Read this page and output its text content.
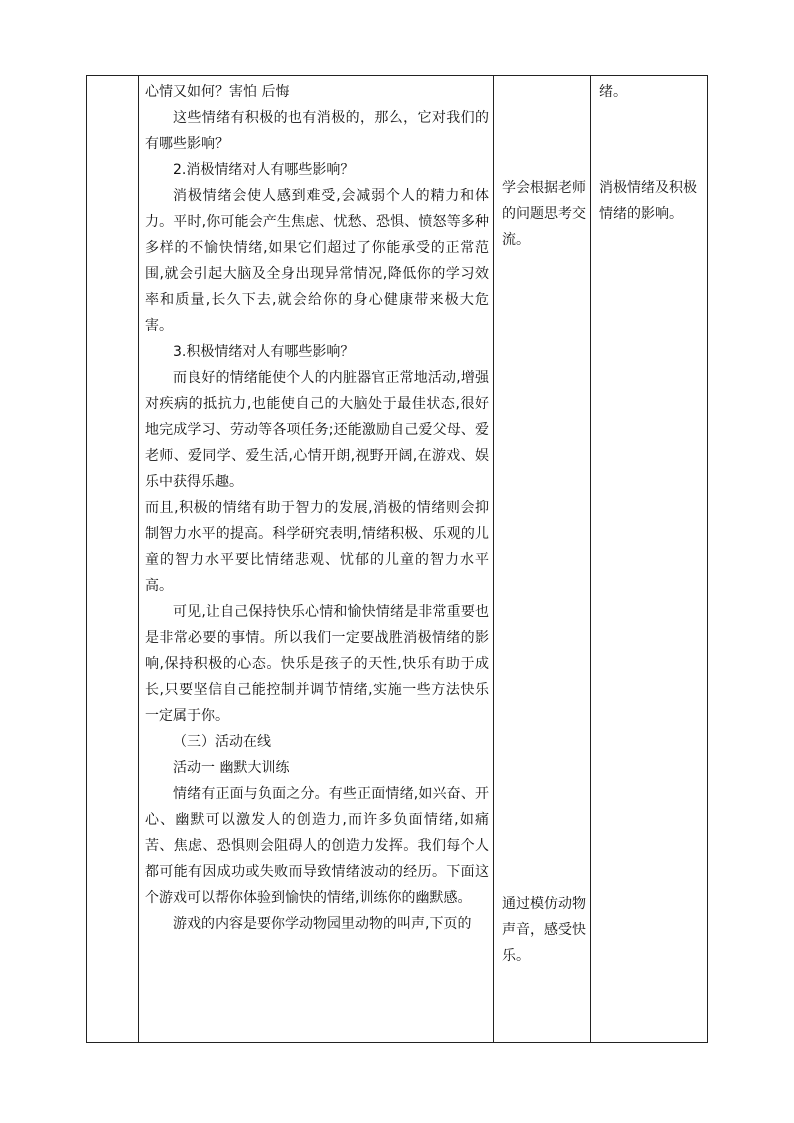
心情又如何？害怕 后悔

这些情绪有积极的也有消极的，那么，它对我们的有哪些影响？

2.消极情绪对人有哪些影响？

消极情绪会使人感到难受,会减弱个人的精力和体力。平时,你可能会产生焦虑、忧愁、恐惧、愤怒等多种多样的不愉快情绪,如果它们超过了你能承受的正常范围,就会引起大脑及全身出现异常情况,降低你的学习效率和质量,长久下去,就会给你的身心健康带来极大危害。

3.积极情绪对人有哪些影响？

而良好的情绪能使个人的内脏器官正常地活动,增强对疾病的抵抗力,也能使自己的大脑处于最佳状态,很好地完成学习、劳动等各项任务;还能激励自己爱父母、爱老师、爱同学、爱生活,心情开朗,视野开阔,在游戏、娱乐中获得乐趣。

而且,积极的情绪有助于智力的发展,消极的情绪则会抑制智力水平的提高。科学研究表明,情绪积极、乐观的儿童的智力水平要比情绪悲观、忧郁的儿童的智力水平高。

可见,让自己保持快乐心情和愉快情绪是非常重要也是非常必要的事情。所以我们一定要战胜消极情绪的影响,保持积极的心态。快乐是孩子的天性,快乐有助于成长,只要坚信自己能控制并调节情绪,实施一些方法快乐一定属于你。

（三）活动在线

活动一 幽默大训练

情绪有正面与负面之分。有些正面情绪,如兴奋、开心、幽默可以激发人的创造力,而许多负面情绪,如痛苦、焦虑、恐惧则会阻碍人的创造力发挥。我们每个人都可能有因成功或失败而导致情绪波动的经历。下面这个游戏可以帮你体验到愉快的情绪,训练你的幽默感。

游戏的内容是要你学动物园里动物的叫声,下页的

学会根据老师的问题思考交流。

通过模仿动物声音，感受快乐。

绪。

消极情绪及积极情绪的影响。
